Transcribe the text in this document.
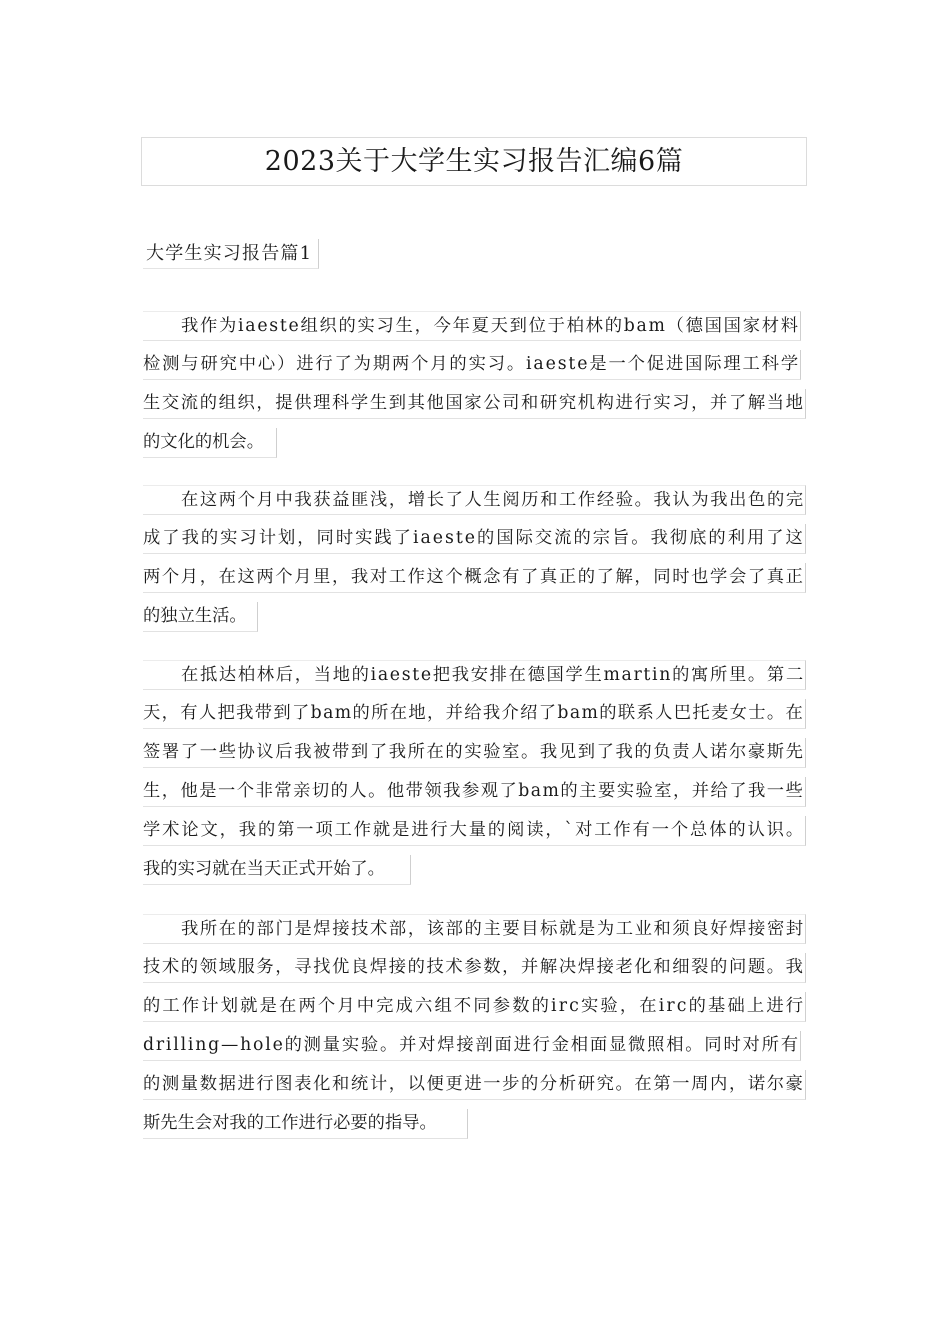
2023关于大学生实习报告汇编6篇
大学生实习报告篇1
我作为iaeste组织的实习生，今年夏天到位于柏林的bam（德国国家材料
检测与研究中心）进行了为期两个月的实习。iaeste是一个促进国际理工科学
生交流的组织，提供理科学生到其他国家公司和研究机构进行实习，并了解当地
的文化的机会。
在这两个月中我获益匪浅，增长了人生阅历和工作经验。我认为我出色的完
成了我的实习计划，同时实践了iaeste的国际交流的宗旨。我彻底的利用了这
两个月，在这两个月里，我对工作这个概念有了真正的了解，同时也学会了真正
的独立生活。
在抵达柏林后，当地的iaeste把我安排在德国学生martin的寓所里。第二
天，有人把我带到了bam的所在地，并给我介绍了bam的联系人巴托麦女士。在
签署了一些协议后我被带到了我所在的实验室。我见到了我的负责人诺尔豪斯先
生，他是一个非常亲切的人。他带领我参观了bam的主要实验室，并给了我一些
学术论文，我的第一项工作就是进行大量的阅读，`对工作有一个总体的认识。
我的实习就在当天正式开始了。
我所在的部门是焊接技术部，该部的主要目标就是为工业和须良好焊接密封
技术的领域服务，寻找优良焊接的技术参数，并解决焊接老化和细裂的问题。我
的工作计划就是在两个月中完成六组不同参数的irc实验，在irc的基础上进行
drilling—hole的测量实验。并对焊接剖面进行金相面显微照相。同时对所有
的测量数据进行图表化和统计，以便更进一步的分析研究。在第一周内，诺尔豪
斯先生会对我的工作进行必要的指导。
